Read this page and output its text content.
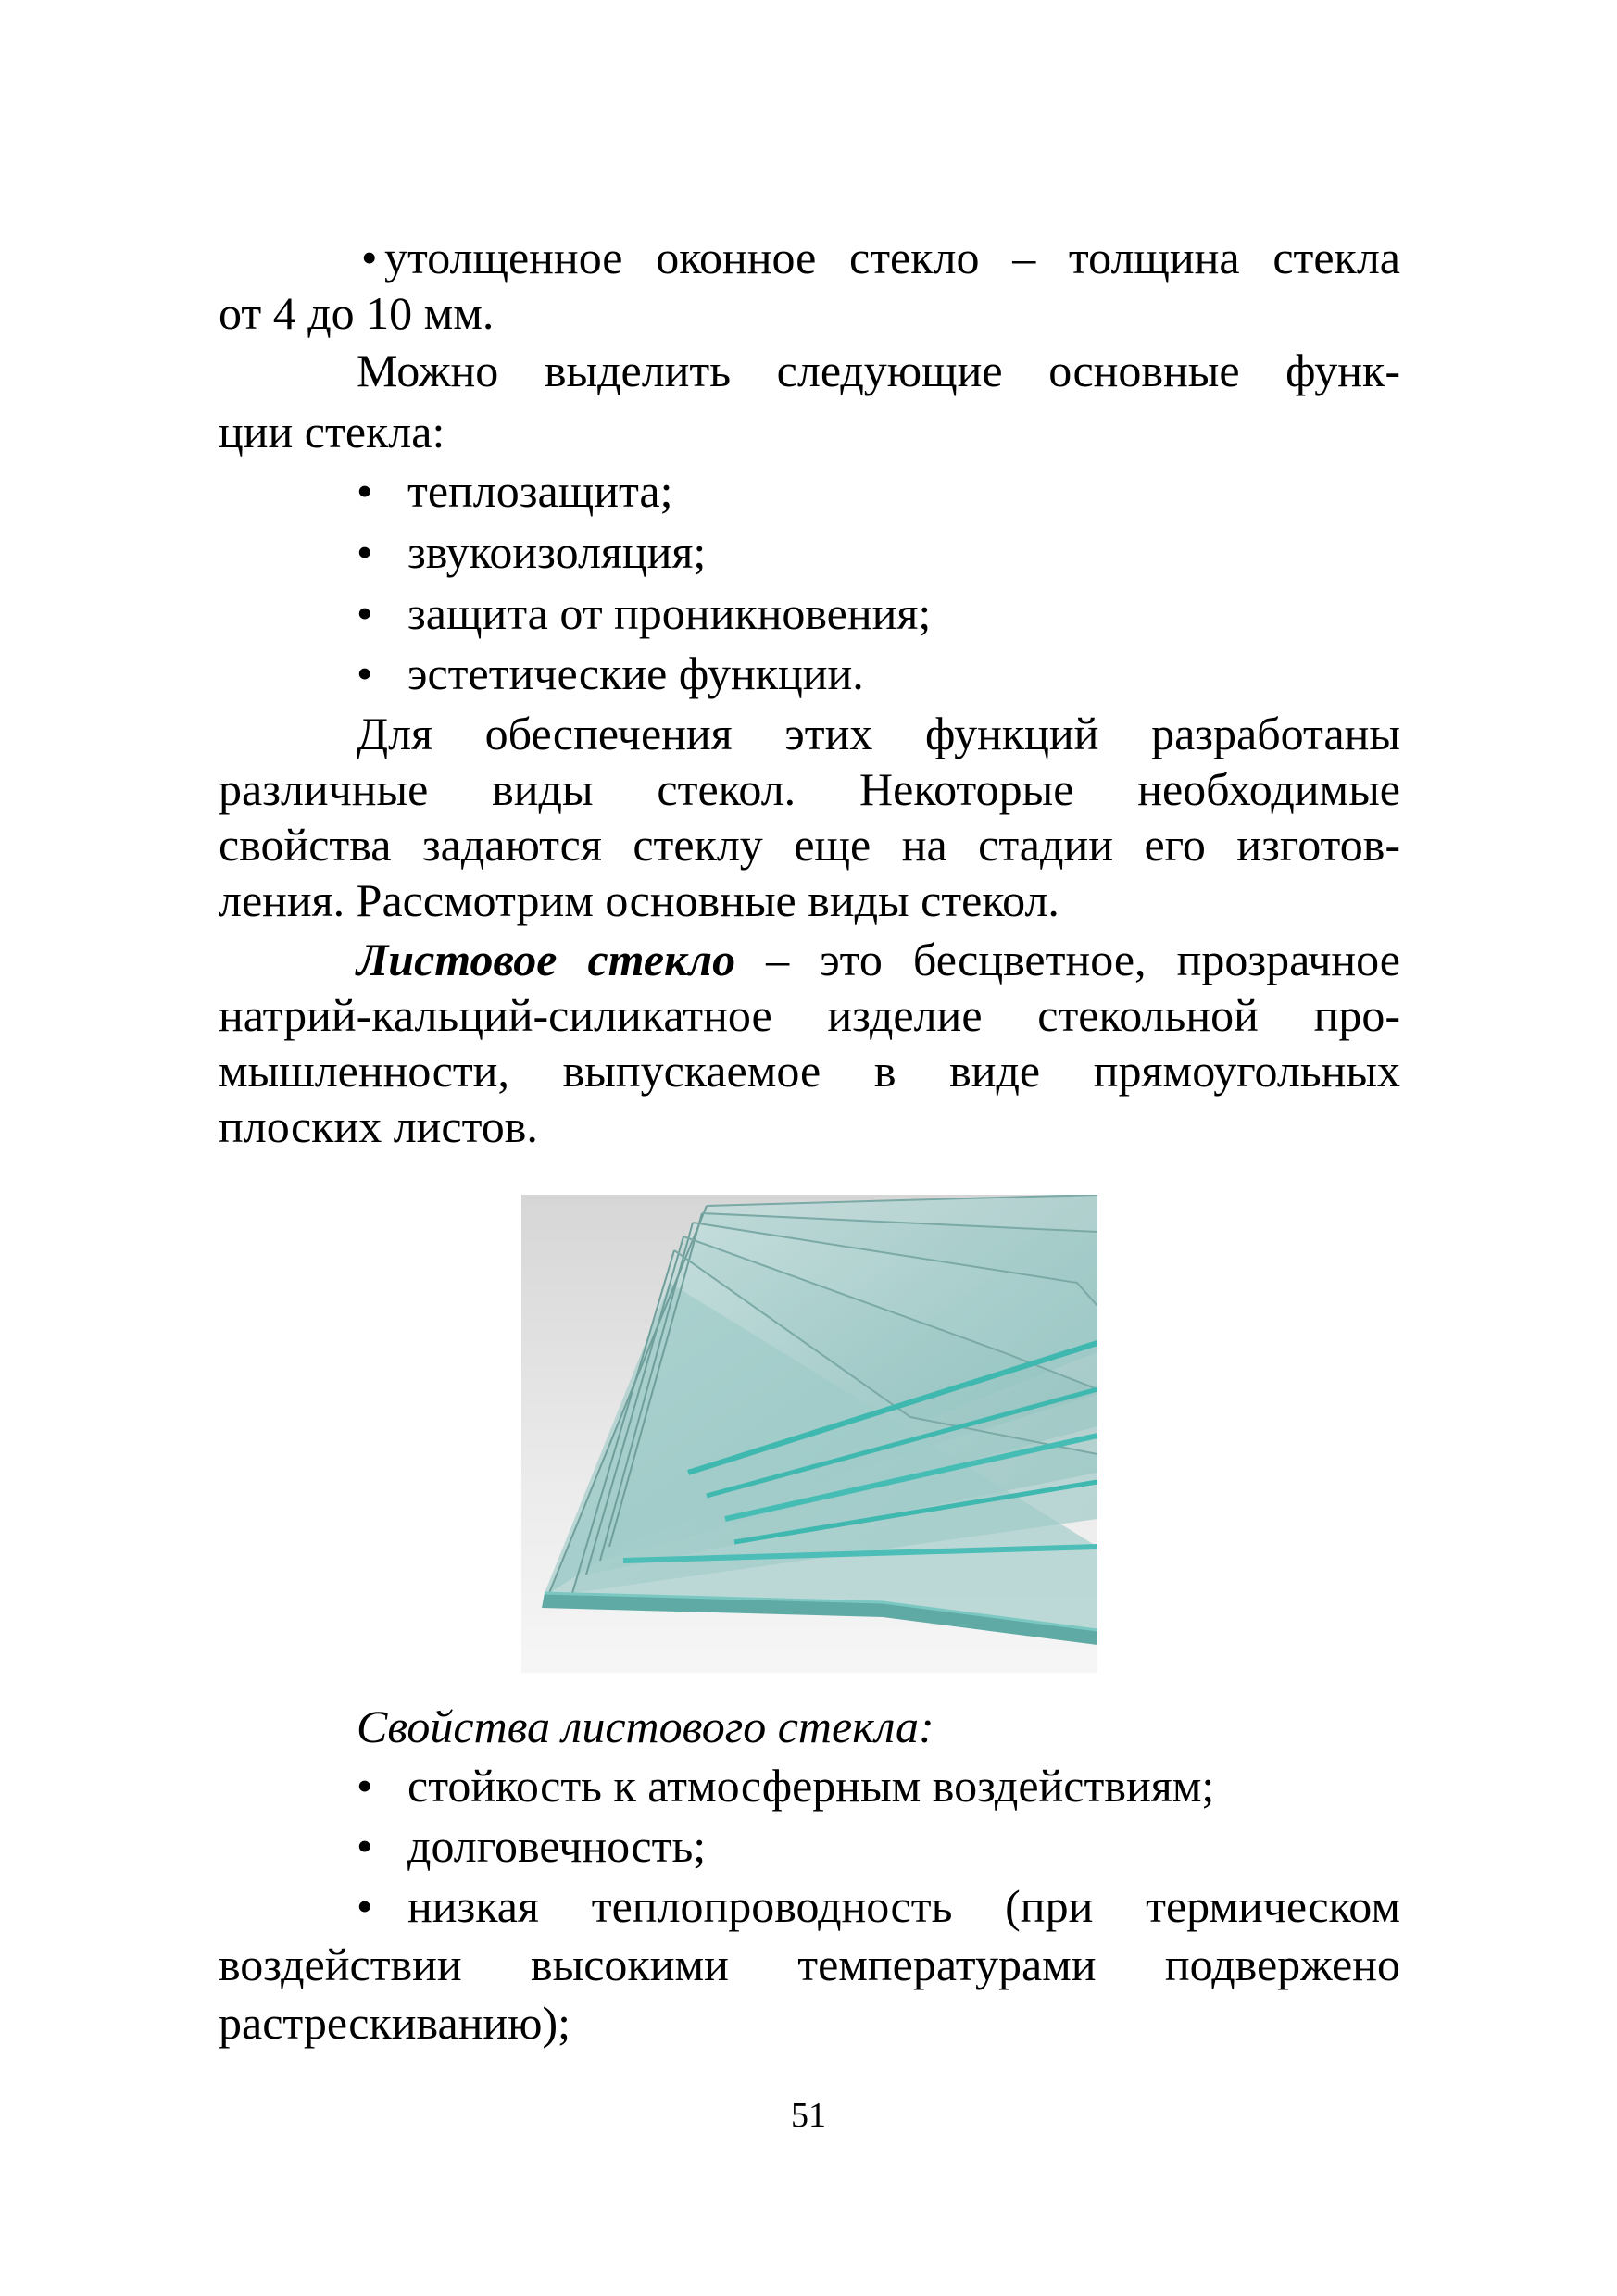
• утолщенное оконное стекло – толщина стекла
от 4 до 10 мм.
Можно выделить следующие основные функ-
ции стекла:
• теплозащита;
• звукоизоляция;
• защита от проникновения;
• эстетические функции.
Для обеспечения этих функций разработаны
различные виды стекол. Некоторые необходимые
свойства задаются стеклу еще на стадии его изготов-
ления. Рассмотрим основные виды стекол.
Листовое стекло – это бесцветное, прозрачное
натрий-кальций-силикатное изделие стекольной про-
мышленности, выпускаемое в виде прямоугольных
плоских листов.
Свойства листового стекла:
• стойкость к атмосферным воздействиям;
• долговечность;
• низкая теплопроводность (при термическом
воздействии высокими температурами подвержено
растрескиванию);
51
